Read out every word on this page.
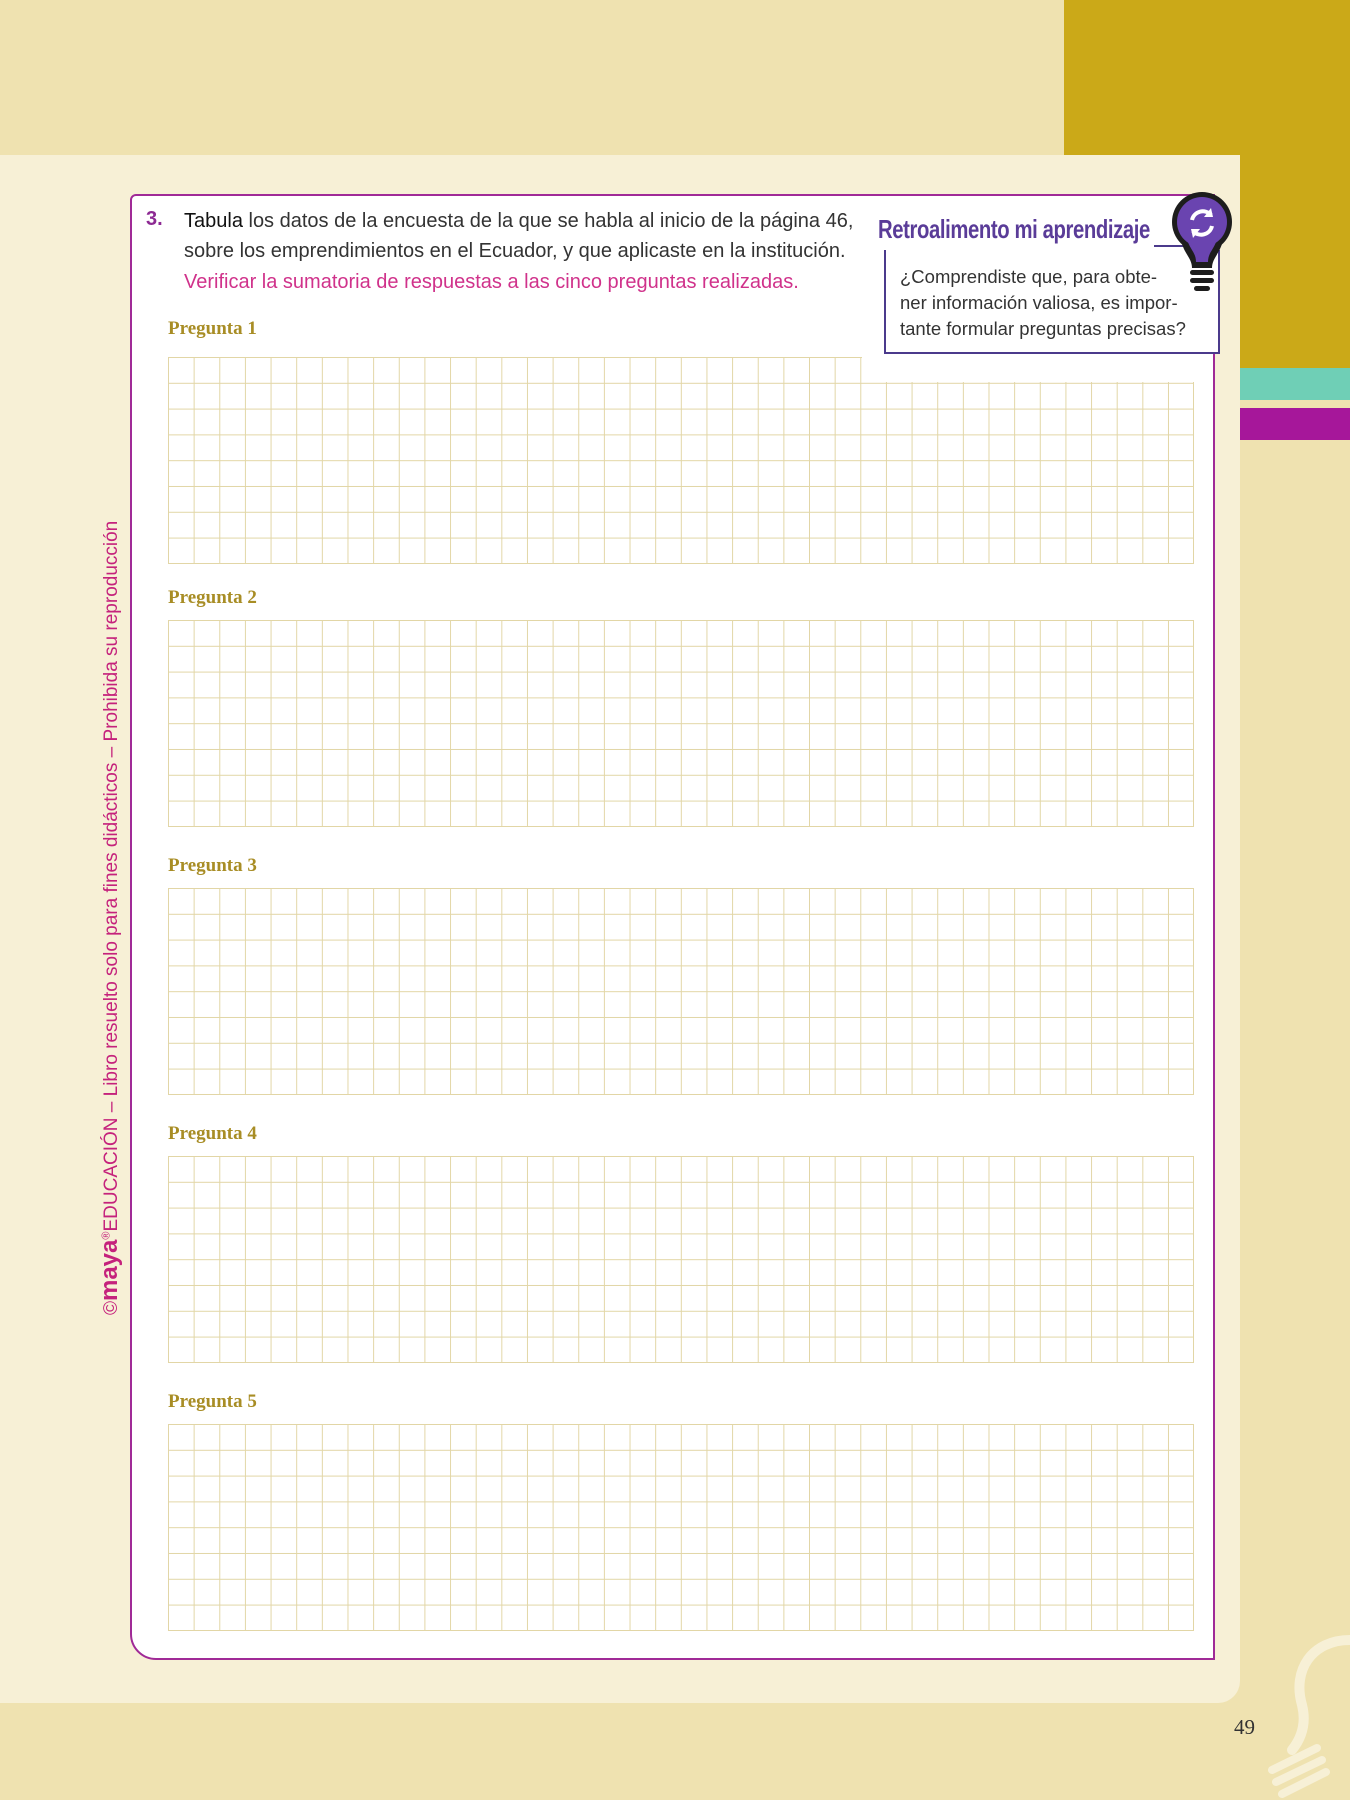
49
©maya®EDUCACIÓN – Libro resuelto solo para fines didácticos – Prohibida su reproducción
3. Tabula los datos de la encuesta de la que se habla al inicio de la página 46,
sobre los emprendimientos en el Ecuador, y que aplicaste en la institución.
Verificar la sumatoria de respuestas a las cinco preguntas realizadas.
Retroalimento mi aprendizaje
¿Comprendiste que, para obte-
ner información valiosa, es impor-
tante formular preguntas precisas?
Pregunta 1
Pregunta 2
Pregunta 3
Pregunta 4
Pregunta 5
